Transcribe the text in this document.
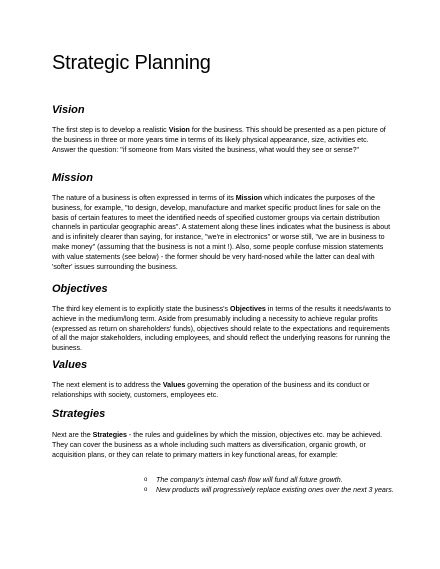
Strategic Planning
Vision

The first step is to develop a realistic Vision for the business. This should be presented as a pen picture of the business in three or more years time in terms of its likely physical appearance, size, activities etc. Answer the question: "if someone from Mars visited the business, what would they see or sense?"

Mission

The nature of a business is often expressed in terms of its Mission which indicates the purposes of the business, for example, "to design, develop, manufacture and market specific product lines for sale on the basis of certain features to meet the identified needs of specified customer groups via certain distribution channels in particular geographic areas". A statement along these lines indicates what the business is about and is infinitely clearer than saying, for instance, "we're in electronics" or worse still, "we are in business to make money" (assuming that the business is not a mint !). Also, some people confuse mission statements with value statements (see below) - the former should be very hard-nosed while the latter can deal with 'softer' issues surrounding the business.

Objectives

The third key element is to explicitly state the business's Objectives in terms of the results it needs/wants to achieve in the medium/long term. Aside from presumably including a necessity to achieve regular profits (expressed as return on shareholders' funds), objectives should relate to the expectations and requirements of all the major stakeholders, including employees, and should reflect the underlying reasons for running the business.

Values

The next element is to address the Values governing the operation of the business and its conduct or relationships with society, customers, employees etc.

Strategies

Next are the Strategies - the rules and guidelines by which the mission, objectives etc. may be achieved. They can cover the business as a whole including such matters as diversification, organic growth, or acquisition plans, or they can relate to primary matters in key functional areas, for example:

o The company's internal cash flow will fund all future growth.
o New products will progressively replace existing ones over the next 3 years.
